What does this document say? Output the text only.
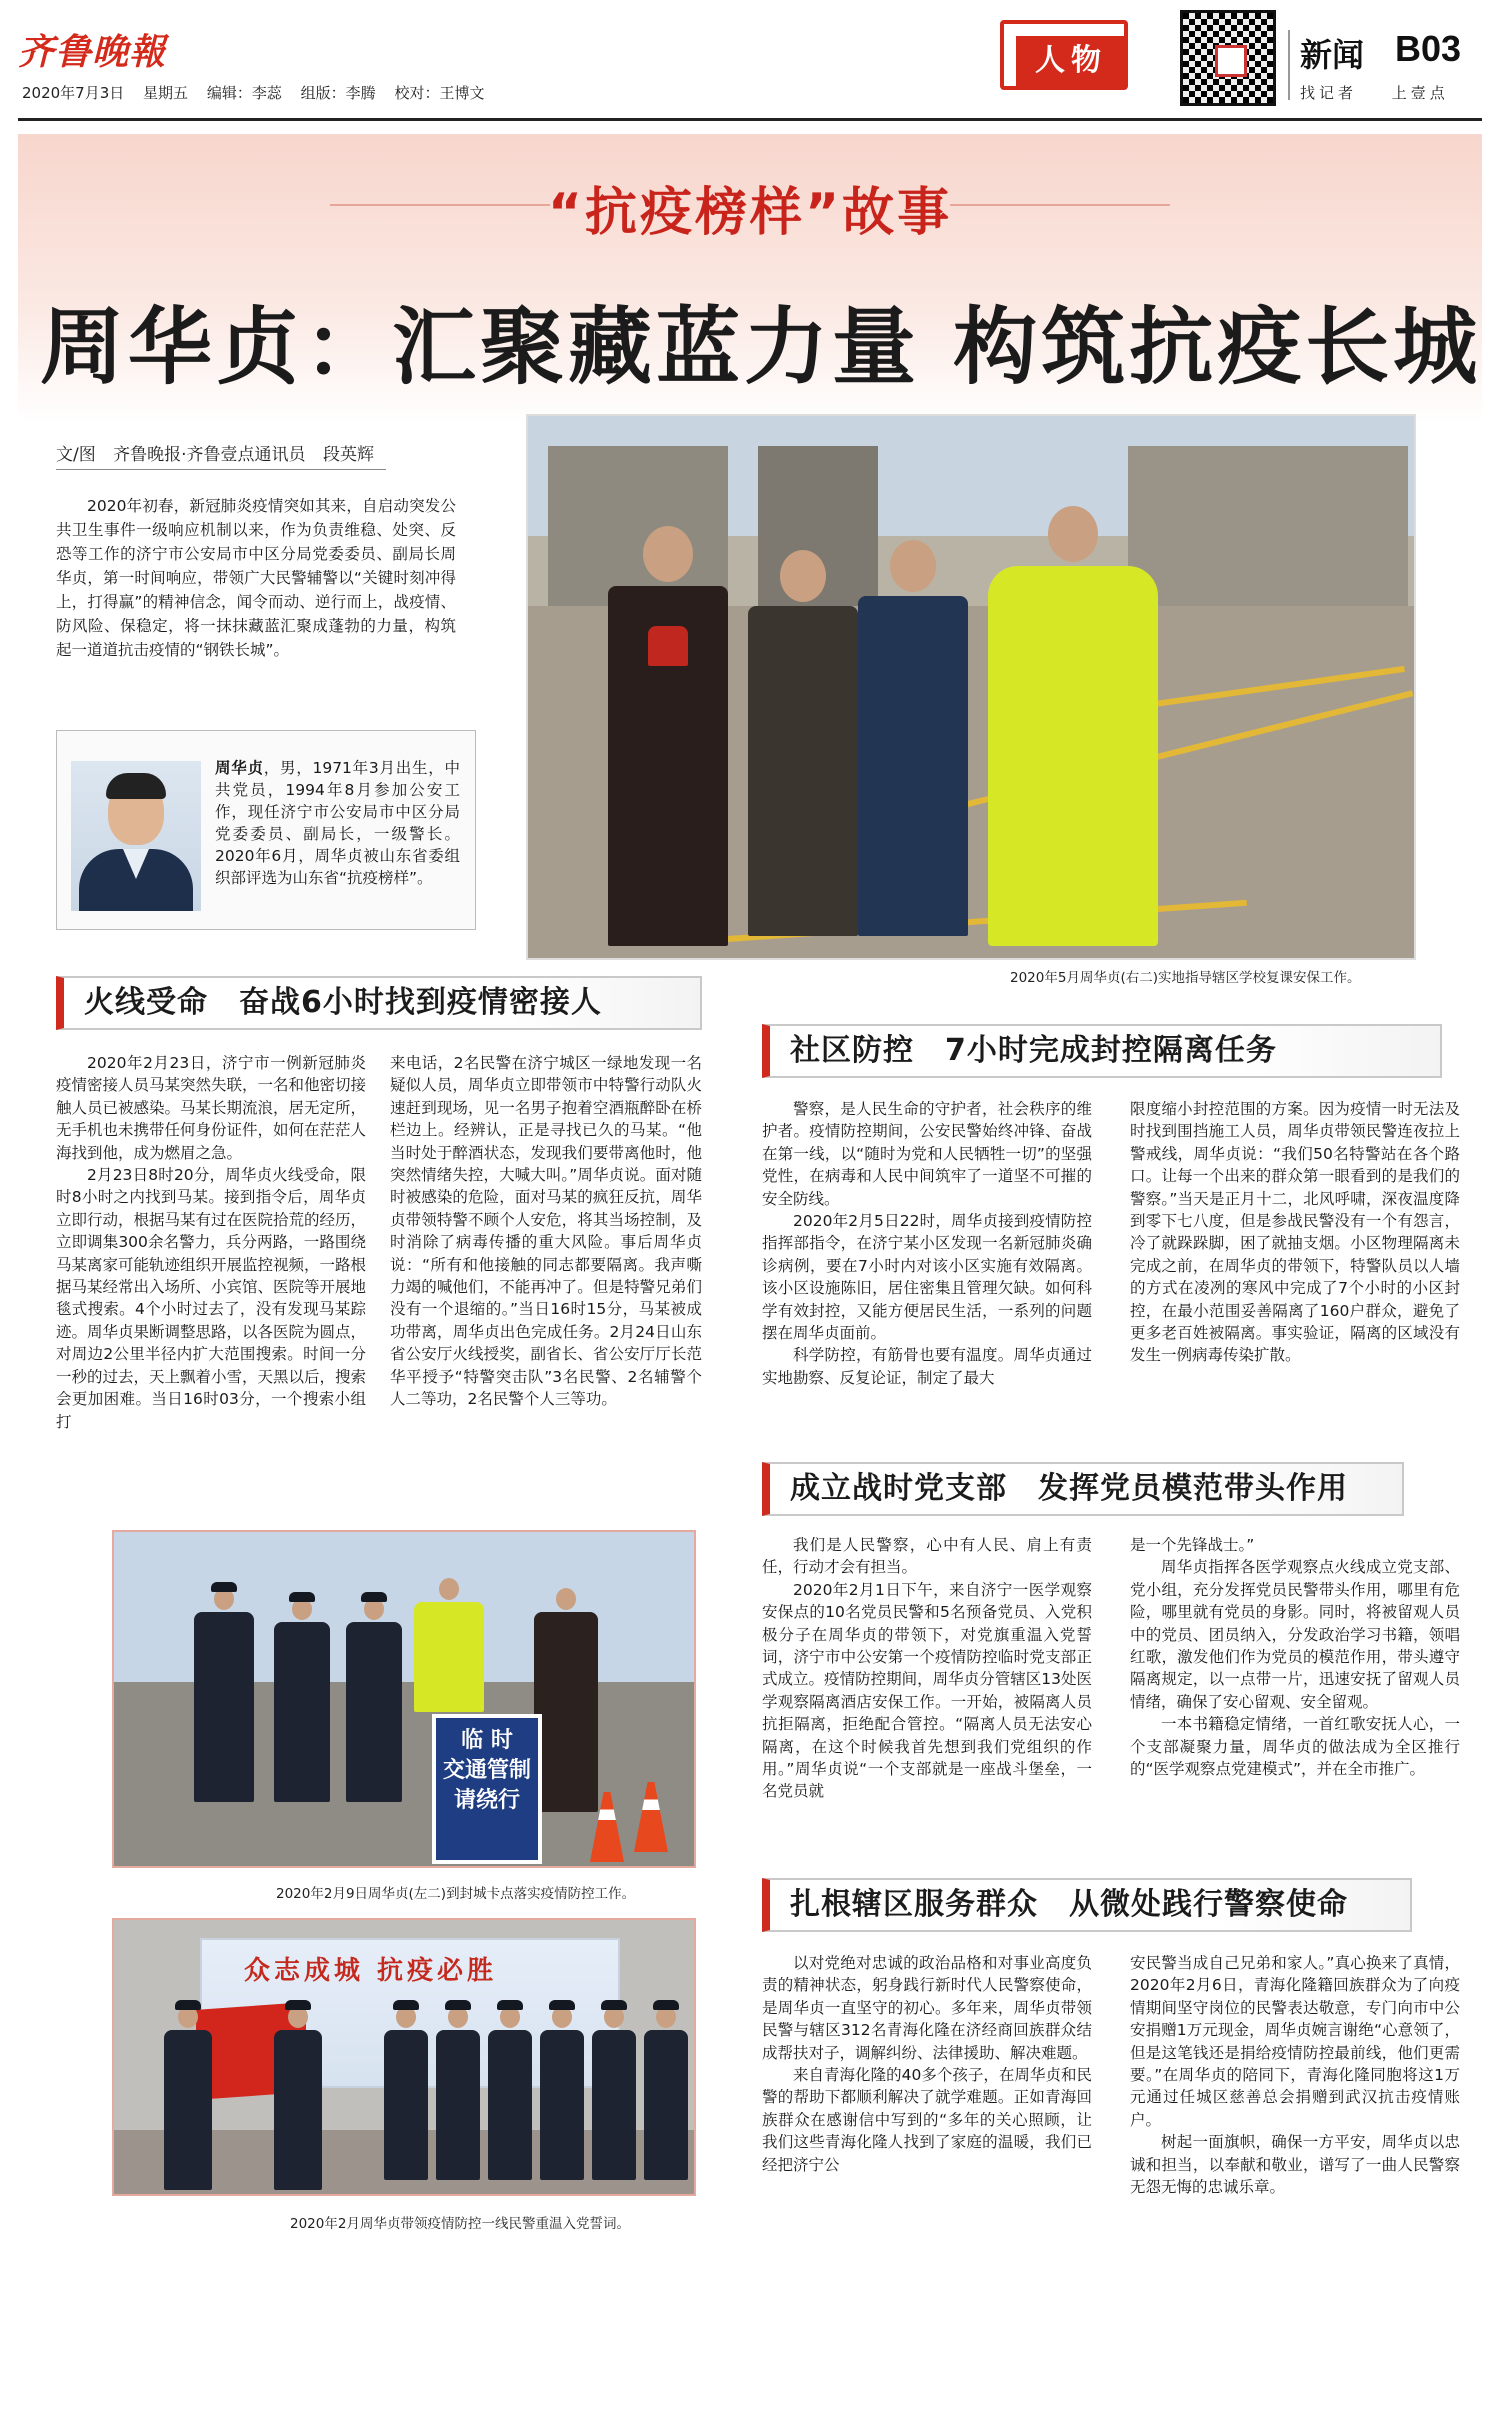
齐鲁晚報
2020年7月3日 星期五 编辑：李蕊 组版：李腾 校对：王博文
人物	新闻 B03
找记者 上壹点
“抗疫榜样”故事
周华贞：汇聚藏蓝力量 构筑抗疫长城
文/图 齐鲁晚报·齐鲁壹点通讯员 段英辉
2020年初春，新冠肺炎疫情突如其来，自启动突发公共卫生事件一级响应机制以来，作为负责维稳、处突、反恐等工作的济宁市公安局市中区分局党委委员、副局长周华贞，第一时间响应，带领广大民警辅警以“关键时刻冲得上，打得赢”的精神信念，闻令而动、逆行而上，战疫情、防风险、保稳定，将一抹抹藏蓝汇聚成蓬勃的力量，构筑起一道道抗击疫情的“钢铁长城”。
周华贞，男，1971年3月出生，中共党员，1994年8月参加公安工作，现任济宁市公安局市中区分局党委委员、副局长，一级警长。2020年6月，周华贞被山东省委组织部评选为山东省“抗疫榜样”。
2020年5月周华贞(右二)实地指导辖区学校复课安保工作。
火线受命　奋战6小时找到疫情密接人

2020年2月23日，济宁市一例新冠肺炎疫情密接人员马某突然失联，一名和他密切接触人员已被感染。马某长期流浪，居无定所，无手机也未携带任何身份证件，如何在茫茫人海找到他，成为燃眉之急。

2月23日8时20分，周华贞火线受命，限时8小时之内找到马某。接到指令后，周华贞立即行动，根据马某有过在医院拾荒的经历，立即调集300余名警力，兵分两路，一路围绕马某离家可能轨迹组织开展监控视频，一路根据马某经常出入场所、小宾馆、医院等开展地毯式搜索。4个小时过去了，没有发现马某踪迹。周华贞果断调整思路，以各医院为圆点，对周边2公里半径内扩大范围搜索。时间一分一秒的过去，天上飘着小雪，天黑以后，搜索会更加困难。当日16时03分，一个搜索小组打

来电话，2名民警在济宁城区一绿地发现一名疑似人员，周华贞立即带领市中特警行动队火速赶到现场，见一名男子抱着空酒瓶醉卧在桥栏边上。经辨认，正是寻找已久的马某。“他当时处于醉酒状态，发现我们要带离他时，他突然情绪失控，大喊大叫。”周华贞说。面对随时被感染的危险，面对马某的疯狂反抗，周华贞带领特警不顾个人安危，将其当场控制，及时消除了病毒传播的重大风险。事后周华贞说：“所有和他接触的同志都要隔离。我声嘶力竭的喊他们，不能再冲了。但是特警兄弟们没有一个退缩的。”当日16时15分，马某被成功带离，周华贞出色完成任务。2月24日山东省公安厅火线授奖，副省长、省公安厅厅长范华平授予“特警突击队”3名民警、2名辅警个人二等功，2名民警个人三等功。

临 时
交通管制
请绕行
2020年2月9日周华贞(左二)到封城卡点落实疫情防控工作。
众志成城 抗疫必胜
2020年2月周华贞带领疫情防控一线民警重温入党誓词。
社区防控　7小时完成封控隔离任务

警察，是人民生命的守护者，社会秩序的维护者。疫情防控期间，公安民警始终冲锋、奋战在第一线，以“随时为党和人民牺牲一切”的坚强党性，在病毒和人民中间筑牢了一道坚不可摧的安全防线。

2020年2月5日22时，周华贞接到疫情防控指挥部指令，在济宁某小区发现一名新冠肺炎确诊病例，要在7小时内对该小区实施有效隔离。该小区设施陈旧，居住密集且管理欠缺。如何科学有效封控，又能方便居民生活，一系列的问题摆在周华贞面前。

科学防控，有筋骨也要有温度。周华贞通过实地勘察、反复论证，制定了最大

限度缩小封控范围的方案。因为疫情一时无法及时找到围挡施工人员，周华贞带领民警连夜拉上警戒线，周华贞说：“我们50名特警站在各个路口。让每一个出来的群众第一眼看到的是我们的警察。”当天是正月十二，北风呼啸，深夜温度降到零下七八度，但是参战民警没有一个有怨言，冷了就跺跺脚，困了就抽支烟。小区物理隔离未完成之前，在周华贞的带领下，特警队员以人墙的方式在凌冽的寒风中完成了7个小时的小区封控，在最小范围妥善隔离了160户群众，避免了更多老百姓被隔离。事实验证，隔离的区域没有发生一例病毒传染扩散。

成立战时党支部　发挥党员模范带头作用

我们是人民警察，心中有人民、肩上有责任，行动才会有担当。

2020年2月1日下午，来自济宁一医学观察安保点的10名党员民警和5名预备党员、入党积极分子在周华贞的带领下，对党旗重温入党誓词，济宁市中公安第一个疫情防控临时党支部正式成立。疫情防控期间，周华贞分管辖区13处医学观察隔离酒店安保工作。一开始，被隔离人员抗拒隔离，拒绝配合管控。“隔离人员无法安心隔离，在这个时候我首先想到我们党组织的作用。”周华贞说“一个支部就是一座战斗堡垒，一名党员就

是一个先锋战士。”

周华贞指挥各医学观察点火线成立党支部、党小组，充分发挥党员民警带头作用，哪里有危险，哪里就有党员的身影。同时，将被留观人员中的党员、团员纳入，分发政治学习书籍，领唱红歌，激发他们作为党员的模范作用，带头遵守隔离规定，以一点带一片，迅速安抚了留观人员情绪，确保了安心留观、安全留观。

一本书籍稳定情绪，一首红歌安抚人心，一个支部凝聚力量，周华贞的做法成为全区推行的“医学观察点党建模式”，并在全市推广。

扎根辖区服务群众　从微处践行警察使命

以对党绝对忠诚的政治品格和对事业高度负责的精神状态，躬身践行新时代人民警察使命，是周华贞一直坚守的初心。多年来，周华贞带领民警与辖区312名青海化隆在济经商回族群众结成帮扶对子，调解纠纷、法律援助、解决难题。

来自青海化隆的40多个孩子，在周华贞和民警的帮助下都顺利解决了就学难题。正如青海回族群众在感谢信中写到的“多年的关心照顾，让我们这些青海化隆人找到了家庭的温暖，我们已经把济宁公

安民警当成自己兄弟和家人。”真心换来了真情，2020年2月6日，青海化隆籍回族群众为了向疫情期间坚守岗位的民警表达敬意，专门向市中公安捐赠1万元现金，周华贞婉言谢绝“心意领了，但是这笔钱还是捐给疫情防控最前线，他们更需要。”在周华贞的陪同下，青海化隆同胞将这1万元通过任城区慈善总会捐赠到武汉抗击疫情账户。

树起一面旗帜，确保一方平安，周华贞以忠诚和担当，以奉献和敬业，谱写了一曲人民警察无怨无悔的忠诚乐章。
